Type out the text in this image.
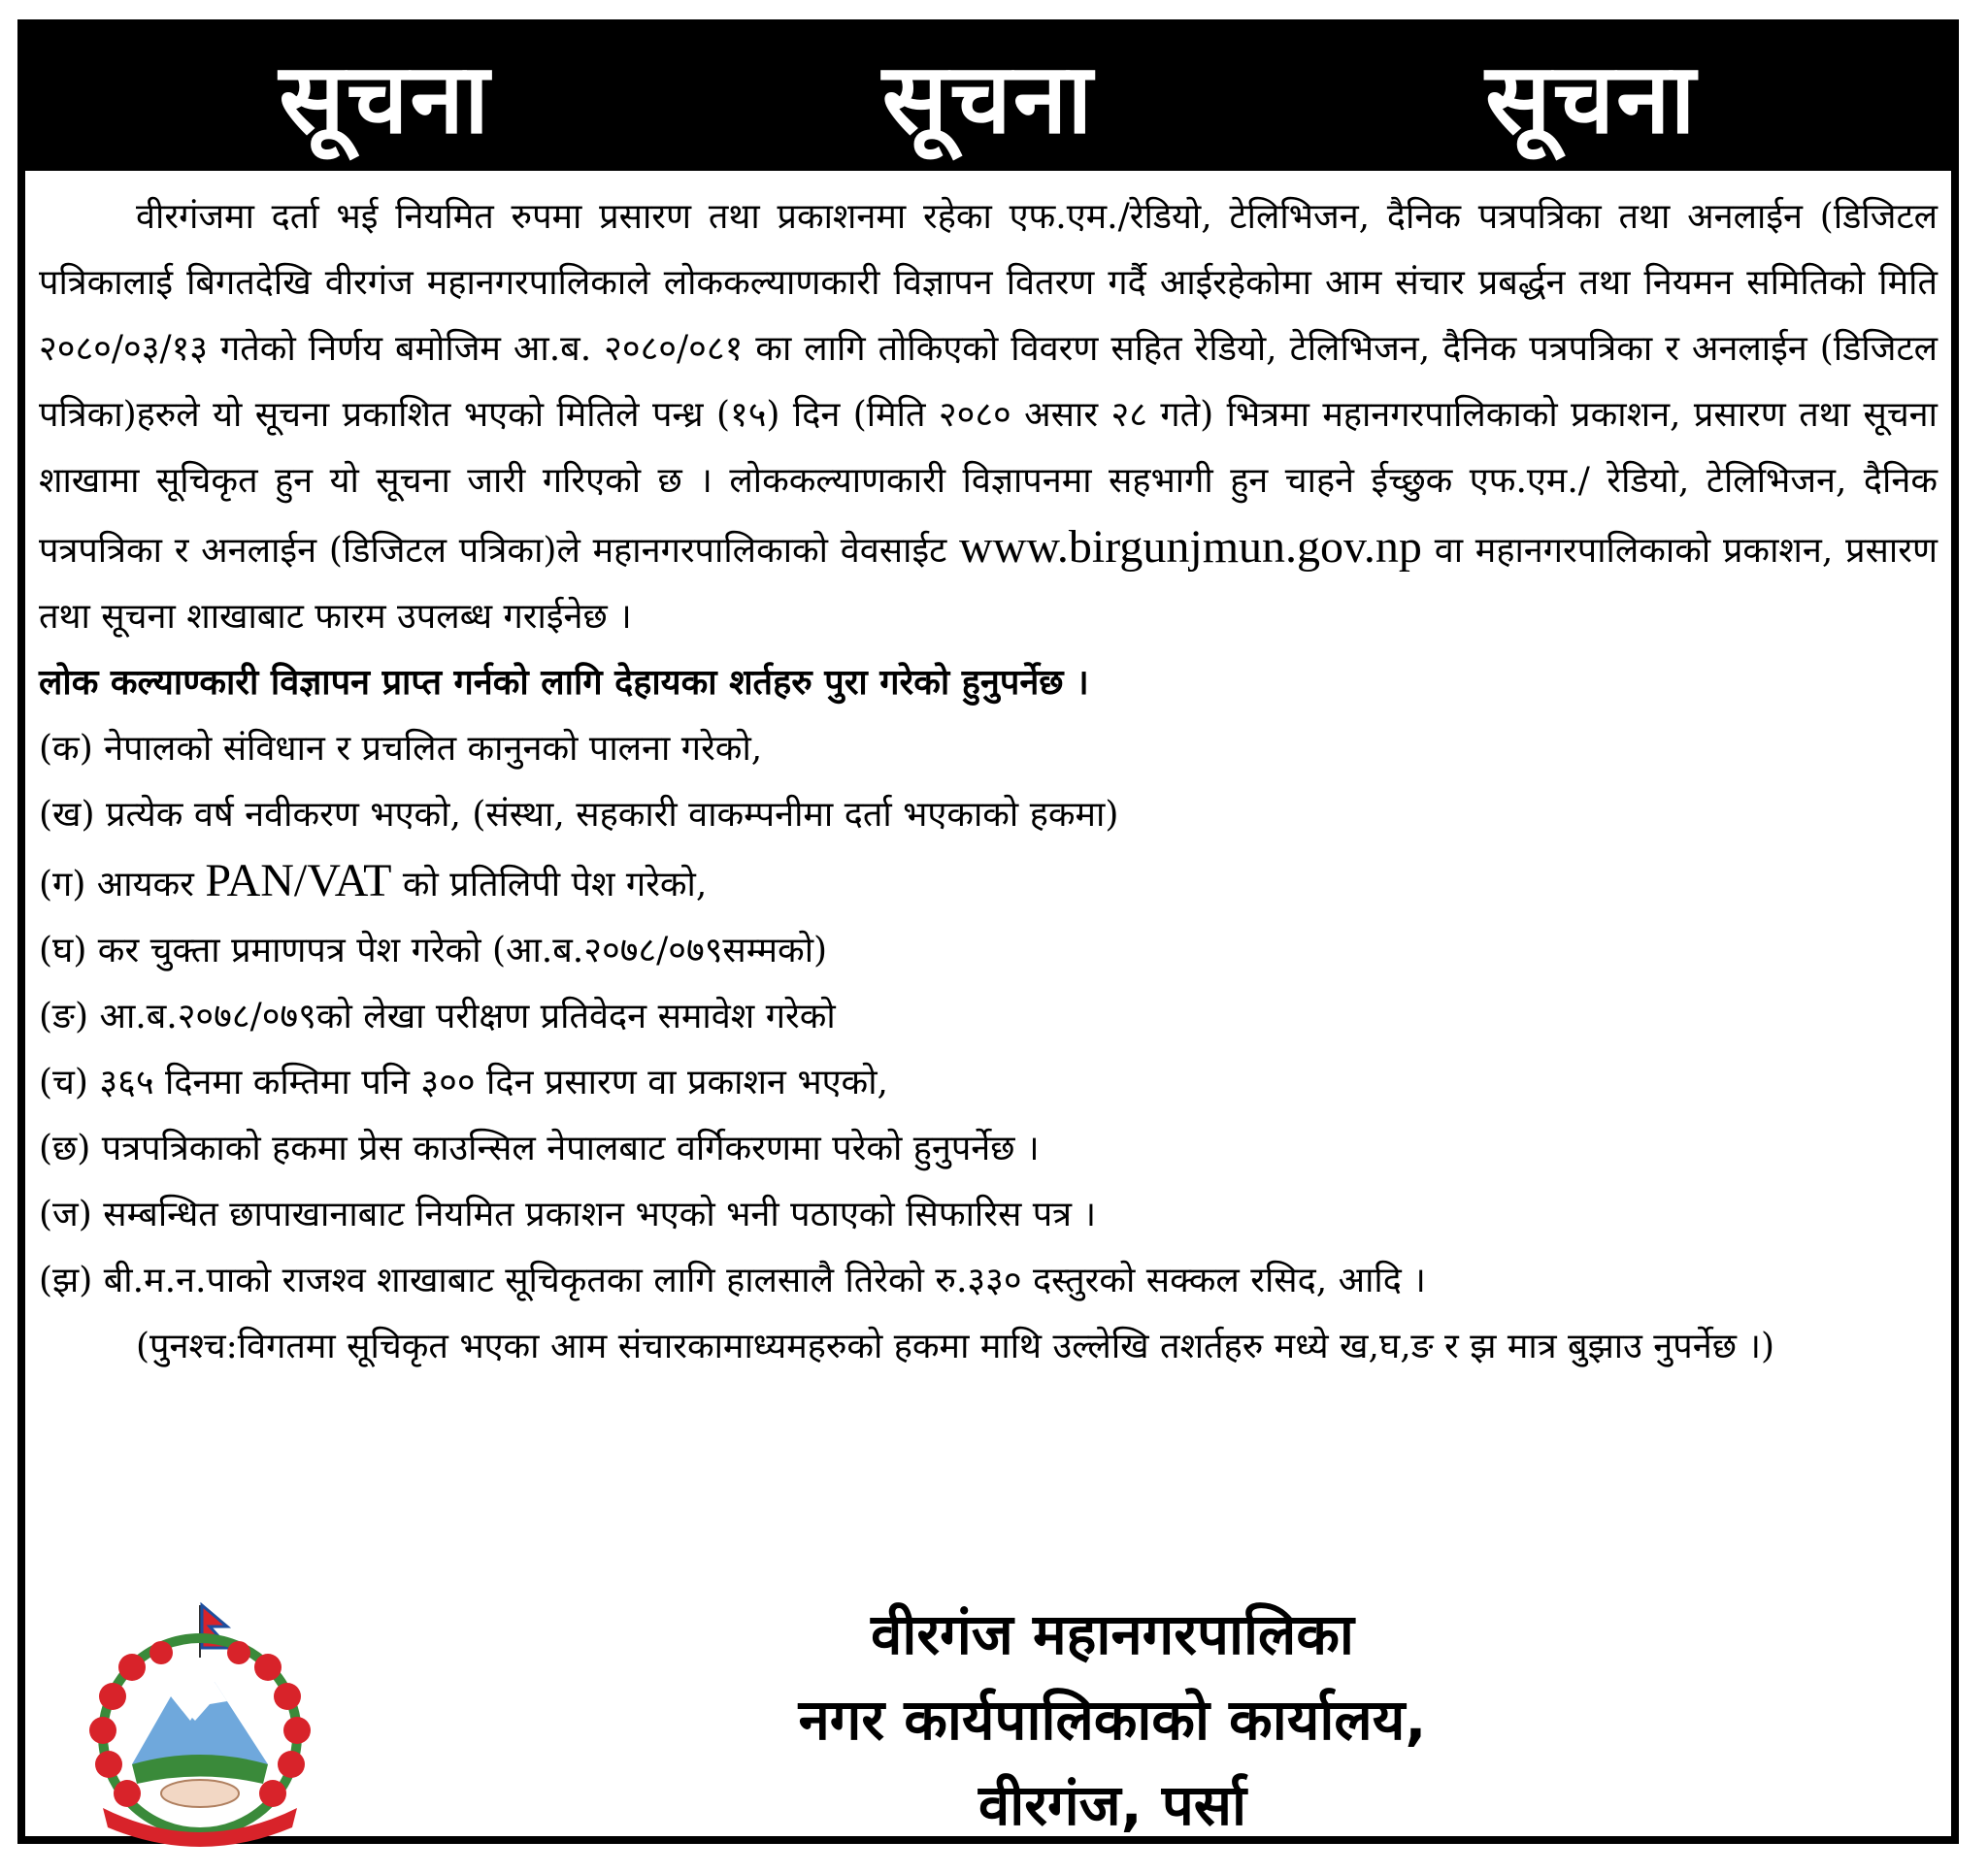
सूचना	सूचना	सूचना

वीरगंजमा दर्ता भई नियमित रुपमा प्रसारण तथा प्रकाशनमा रहेका एफ.एम./रेडियो, टेलिभिजन, दैनिक पत्रपत्रिका तथा अनलाईन (डिजिटल पत्रिकालाई बिगतदेखि वीरगंज महानगरपालिकाले लोककल्याणकारी विज्ञापन वितरण गर्दै आईरहेकोमा आम संचार प्रबर्द्धन तथा नियमन समितिको मिति २०८०/०३/१३ गतेको निर्णय बमोजिम आ.ब. २०८०/०८१ का लागि तोकिएको विवरण सहित रेडियो, टेलिभिजन, दैनिक पत्रपत्रिका र अनलाईन (डिजिटल पत्रिका)हरुले यो सूचना प्रकाशित भएको मितिले पन्ध्र (१५) दिन (मिति २०८० असार २८ गते) भित्रमा महानगरपालिकाको प्रकाशन, प्रसारण तथा सूचना शाखामा सूचिकृत हुन यो सूचना जारी गरिएको छ । लोककल्याणकारी विज्ञापनमा सहभागी हुन चाहने ईच्छुक एफ.एम./ रेडियो, टेलिभिजन, दैनिक पत्रपत्रिका र अनलाईन (डिजिटल पत्रिका)ले महानगरपालिकाको वेवसाईट www.birgunjmun.gov.np वा महानगरपालिकाको प्रकाशन, प्रसारण तथा सूचना शाखाबाट फारम उपलब्ध गराईनेछ ।

लोक कल्याण्कारी विज्ञापन प्राप्त गर्नको लागि देहायका शर्तहरु पुरा गरेको हुनुपर्नेछ ।

(क) नेपालको संविधान र प्रचलित कानुनको पालना गरेको,
(ख) प्रत्येक वर्ष नवीकरण भएको, (संस्था, सहकारी वाकम्पनीमा दर्ता भएकाको हकमा)
(ग) आयकर PAN/VAT को प्रतिलिपी पेश गरेको,
(घ) कर चुक्ता प्रमाणपत्र पेश गरेको (आ.ब.२०७८/०७९सम्मको)
(ङ) आ.ब.२०७८/०७९को लेखा परीक्षण प्रतिवेदन समावेश गरेको
(च) ३६५ दिनमा कम्तिमा पनि ३०० दिन प्रसारण वा प्रकाशन भएको,
(छ) पत्रपत्रिकाको हकमा प्रेस काउन्सिल नेपालबाट वर्गिकरणमा परेको हुनुपर्नेछ ।
(ज) सम्बन्धित छापाखानाबाट नियमित प्रकाशन भएको भनी पठाएको सिफारिस पत्र ।
(झ) बी.म.न.पाको राजश्व शाखाबाट सूचिकृतका लागि हालसालै तिरेको रु.३३० दस्तुरको सक्कल रसिद, आदि ।

(पुनश्च:विगतमा सूचिकृत भएका आम संचारकामाध्यमहरुको हकमा माथि उल्लेखि तशर्तहरु मध्ये ख,घ,ङ र झ मात्र बुझाउ नुपर्नेछ ।)

वीरगंज महानगरपालिका
नगर कार्यपालिकाको कार्यालय,
वीरगंज, पर्सा
